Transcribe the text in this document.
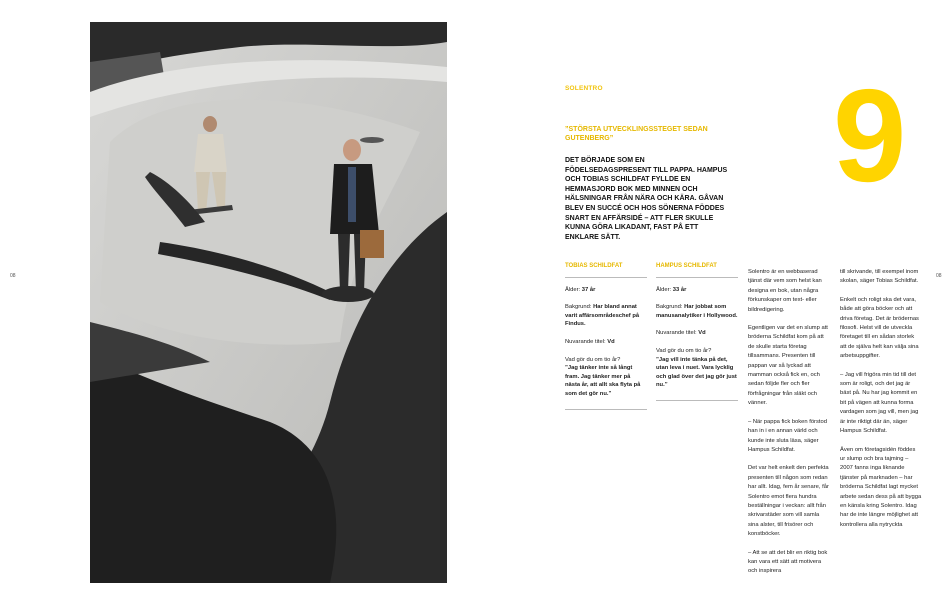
08	08
SOLENTRO 9
”STÖRSTA UTVECKLINGSSTEGET SEDAN GUTENBERG”
DET BÖRJADE SOM EN FÖDELSEDAGSPRESENT TILL PAPPA. HAMPUS OCH TOBIAS SCHILDFAT FYLLDE EN HEMMASJORD BOK MED MINNEN OCH HÄLSNINGAR FRÅN NÄRA OCH KÄRA. GÅVAN BLEV EN SUCCÉ OCH HOS SÖNERNA FÖDDES SNART EN AFFÄRSIDÉ – ATT FLER SKULLE KUNNA GÖRA LIKADANT, FAST PÅ ETT ENKLARE SÄTT.
TOBIAS SCHILDFAT

Ålder: 37 år

Bakgrund: Har bland annat varit affärsområdeschef på Findus.

Nuvarande titel: Vd

Vad gör du om tio år?
”Jag tänker inte så långt fram. Jag tänker mer på nästa år, att allt ska flyta på som det gör nu.”

HAMPUS SCHILDFAT

Ålder: 33 år

Bakgrund: Har jobbat som manusanalytiker i Hollywood.

Nuvarande titel: Vd

Vad gör du om tio år?
”Jag vill inte tänka på det, utan leva i nuet. Vara lycklig och glad över det jag gör just nu.”

Solentro är en webbaserad tjänst där vem som helst kan designa en bok, utan några förkunskaper om text- eller bildredigering.

Egentligen var det en slump att bröderna Schildfat kom på att de skulle starta företag tillsammans. Presenten till pappan var så lyckad att mamman också fick en, och sedan följde fler och fler förfrågningar från släkt och vänner.

– När pappa fick boken förstod han in i en annan värld och kunde inte sluta läsa, säger Hampus Schildfat.

Det var helt enkelt den perfekta presenten till någon som redan har allt. Idag, fem år senare, får Solentro emot flera hundra beställningar i veckan: allt från skrivarstäder som vill samla sina alster, till frisörer och konstböcker.

– Att se att det blir en riktig bok kan vara ett sätt att motivera och inspirera

till skrivande, till exempel inom skolan, säger Tobias Schildfat.

Enkelt och roligt ska det vara, både att göra böcker och att driva företag. Det är brödernas filosofi. Helst vill de utveckla företaget till en sådan storlek att de själva helt kan välja sina arbetsuppgifter.

– Jag vill frigöra min tid till det som är roligt, och det jag är bäst på. Nu har jag kommit en bit på vägen att kunna forma vardagen som jag vill, men jag är inte riktigt där än, säger Hampus Schildfat.

Även om företagsidén föddes ur slump och bra tajming – 2007 fanns inga liknande tjänster på marknaden – har bröderna Schildfat lagt mycket arbete sedan dess på att bygga en känsla kring Solentro. Idag har de inte längre möjlighet att kontrollera alla nytryckta
